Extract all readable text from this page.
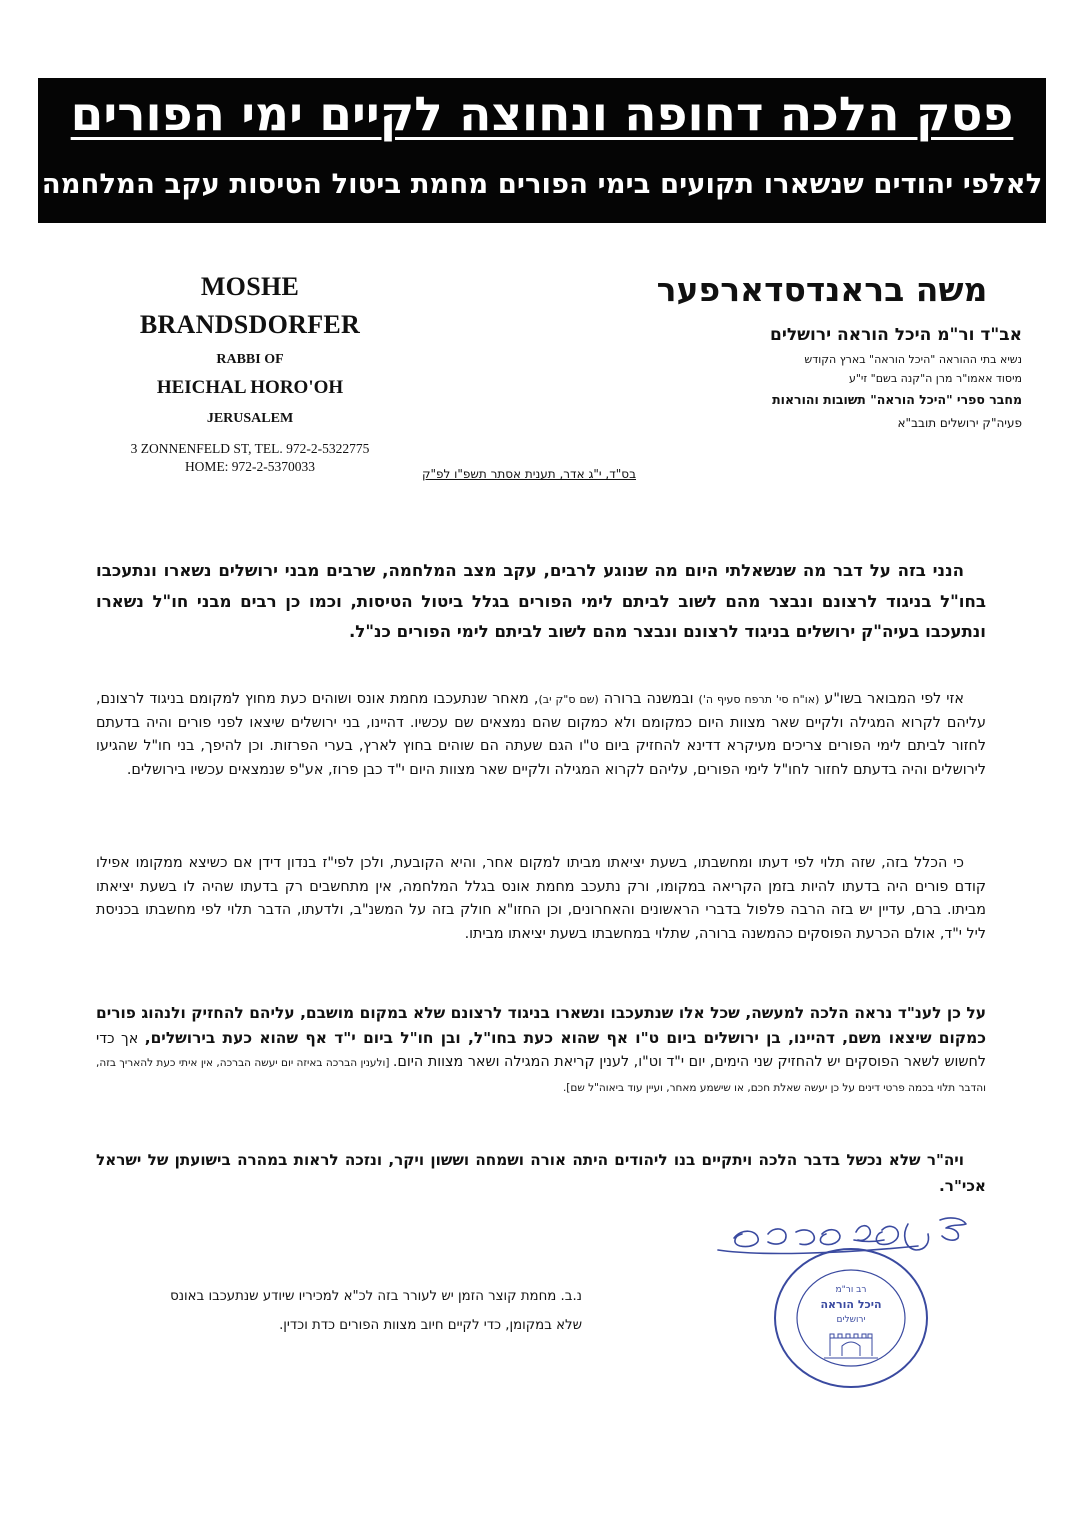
פסק הלכה דחופה ונחוצה לקיים ימי הפורים
לאלפי יהודים שנשארו תקועים בימי הפורים מחמת ביטול הטיסות עקב המלחמה
MOSHE BRANDSDORFER
RABBI OF
HEICHAL HORO'OH
JERUSALEM
3 ZONNENFELD ST, TEL. 972-2-5322775
HOME: 972-2-5370033
משה בראנדסדארפער
אב"ד ור"מ היכל הוראה ירושלים
נשיא בתי ההוראה "היכל הוראה" בארץ הקודש
מיסוד אאמו"ר מרן ה"קנה בשם" זי"ע
מחבר ספרי "היכל הוראה" תשובות והוראות
פעיה"ק ירושלים תובב"א
בס"ד, י"ג אדר, תענית אסתר תשפ"ו לפ"ק
הנני בזה על דבר מה שנשאלתי היום מה שנוגע לרבים, עקב מצב המלחמה, שרבים מבני ירושלים נשארו ונתעכבו בחו"ל בניגוד לרצונם ונבצר מהם לשוב לביתם לימי הפורים בגלל ביטול הטיסות, וכמו כן רבים מבני חו"ל נשארו ונתעכבו בעיה"ק ירושלים בניגוד לרצונם ונבצר מהם לשוב לביתם לימי הפורים כנ"ל.
אזי לפי המבואר בשו"ע (או"ח סי' תרפח סעיף ה') ובמשנה ברורה (שם ס"ק יב), מאחר שנתעכבו מחמת אונס ושוהים כעת מחוץ למקומם בניגוד לרצונם, עליהם לקרוא המגילה ולקיים שאר מצוות היום כמקומם ולא כמקום שהם נמצאים שם עכשיו. דהיינו, בני ירושלים שיצאו לפני פורים והיה בדעתם לחזור לביתם לימי הפורים צריכים מעיקרא דדינא להחזיק ביום ט"ו הגם שעתה הם שוהים בחוץ לארץ, בערי הפרזות. וכן להיפך, בני חו"ל שהגיעו לירושלים והיה בדעתם לחזור לחו"ל לימי הפורים, עליהם לקרוא המגילה ולקיים שאר מצוות היום י"ד כבן פרוז, אע"פ שנמצאים עכשיו בירושלים.
כי הכלל בזה, שזה תלוי לפי דעתו ומחשבתו, בשעת יציאתו מביתו למקום אחר, והיא הקובעת, ולכן לפי"ז בנדון דידן אם כשיצא ממקומו אפילו קודם פורים היה בדעתו להיות בזמן הקריאה במקומו, ורק נתעכב מחמת אונס בגלל המלחמה, אין מתחשבים רק בדעתו שהיה לו בשעת יציאתו מביתו. ברם, עדיין יש בזה הרבה פלפול בדברי הראשונים והאחרונים, וכן החזו"א חולק בזה על המשנ"ב, ולדעתו, הדבר תלוי לפי מחשבתו בכניסת ליל י"ד, אולם הכרעת הפוסקים כהמשנה ברורה, שתלוי במחשבתו בשעת יציאתו מביתו.
על כן לענ"ד נראה הלכה למעשה, שכל אלו שנתעכבו ונשארו בניגוד לרצונם שלא במקום מושבם, עליהם להחזיק ולנהוג פורים כמקום שיצאו משם, דהיינו, בן ירושלים ביום ט"ו אף שהוא כעת בחו"ל, ובן חו"ל ביום י"ד אף שהוא כעת בירושלים, אך כדי לחשוש לשאר הפוסקים יש להחזיק שני הימים, יום י"ד וט"ו, לענין קריאת המגילה ושאר מצוות היום. [ולענין הברכה באיזה יום יעשה הברכה, אין איתי כעת להאריך בזה, והדבר תלוי בכמה פרטי דינים על כן יעשה שאלת חכם, או שישמע מאחר, ועיין עוד ביאוה"ל שם].
ויה"ר שלא נכשל בדבר הלכה ויתקיים בנו ליהודים היתה אורה ושמחה וששון ויקר, ונזכה לראות במהרה בישועתן של ישראל אכי"ר.
נ.ב. מחמת קוצר הזמן יש לעורר בזה לכ"א למכיריו שיודע שנתעכבו באונס שלא במקומן, כדי לקיים חיוב מצוות הפורים כדת וכדין.
רב ור"מ
היכל הוראה
ירושלים
